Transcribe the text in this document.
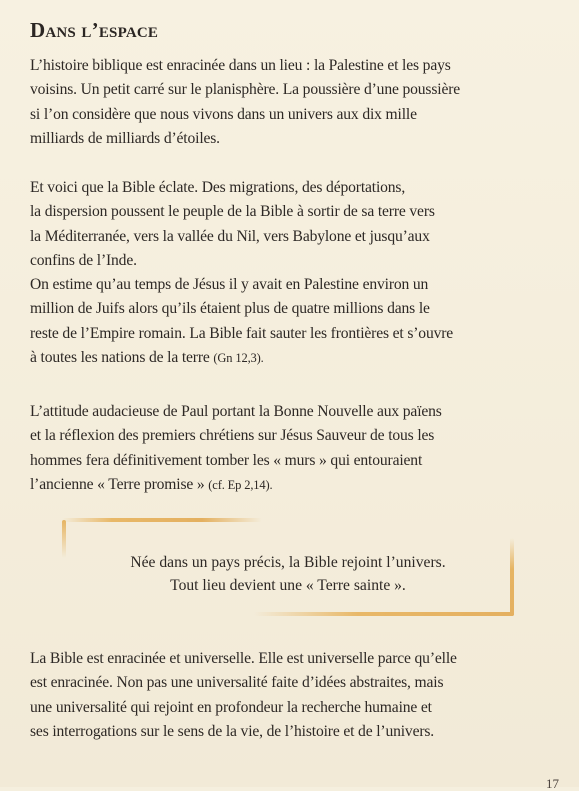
Dans l’espace

L’histoire biblique est enracinée dans un lieu : la Palestine et les pays
voisins. Un petit carré sur le planisphère. La poussière d’une poussière
si l’on considère que nous vivons dans un univers aux dix mille
milliards de milliards d’étoiles.

Et voici que la Bible éclate. Des migrations, des déportations,
la dispersion poussent le peuple de la Bible à sortir de sa terre vers
la Méditerranée, vers la vallée du Nil, vers Babylone et jusqu’aux
confins de l’Inde.
On estime qu’au temps de Jésus il y avait en Palestine environ un
million de Juifs alors qu’ils étaient plus de quatre millions dans le
reste de l’Empire romain. La Bible fait sauter les frontières et s’ouvre
à toutes les nations de la terre (Gn 12,3).

L’attitude audacieuse de Paul portant la Bonne Nouvelle aux païens
et la réflexion des premiers chrétiens sur Jésus Sauveur de tous les
hommes fera définitivement tomber les « murs » qui entouraient
l’ancienne « Terre promise » (cf. Ep 2,14).

Née dans un pays précis, la Bible rejoint l’univers.
Tout lieu devient une « Terre sainte ».

La Bible est enracinée et universelle. Elle est universelle parce qu’elle
est enracinée. Non pas une universalité faite d’idées abstraites, mais
une universalité qui rejoint en profondeur la recherche humaine et
ses interrogations sur le sens de la vie, de l’histoire et de l’univers.

17
